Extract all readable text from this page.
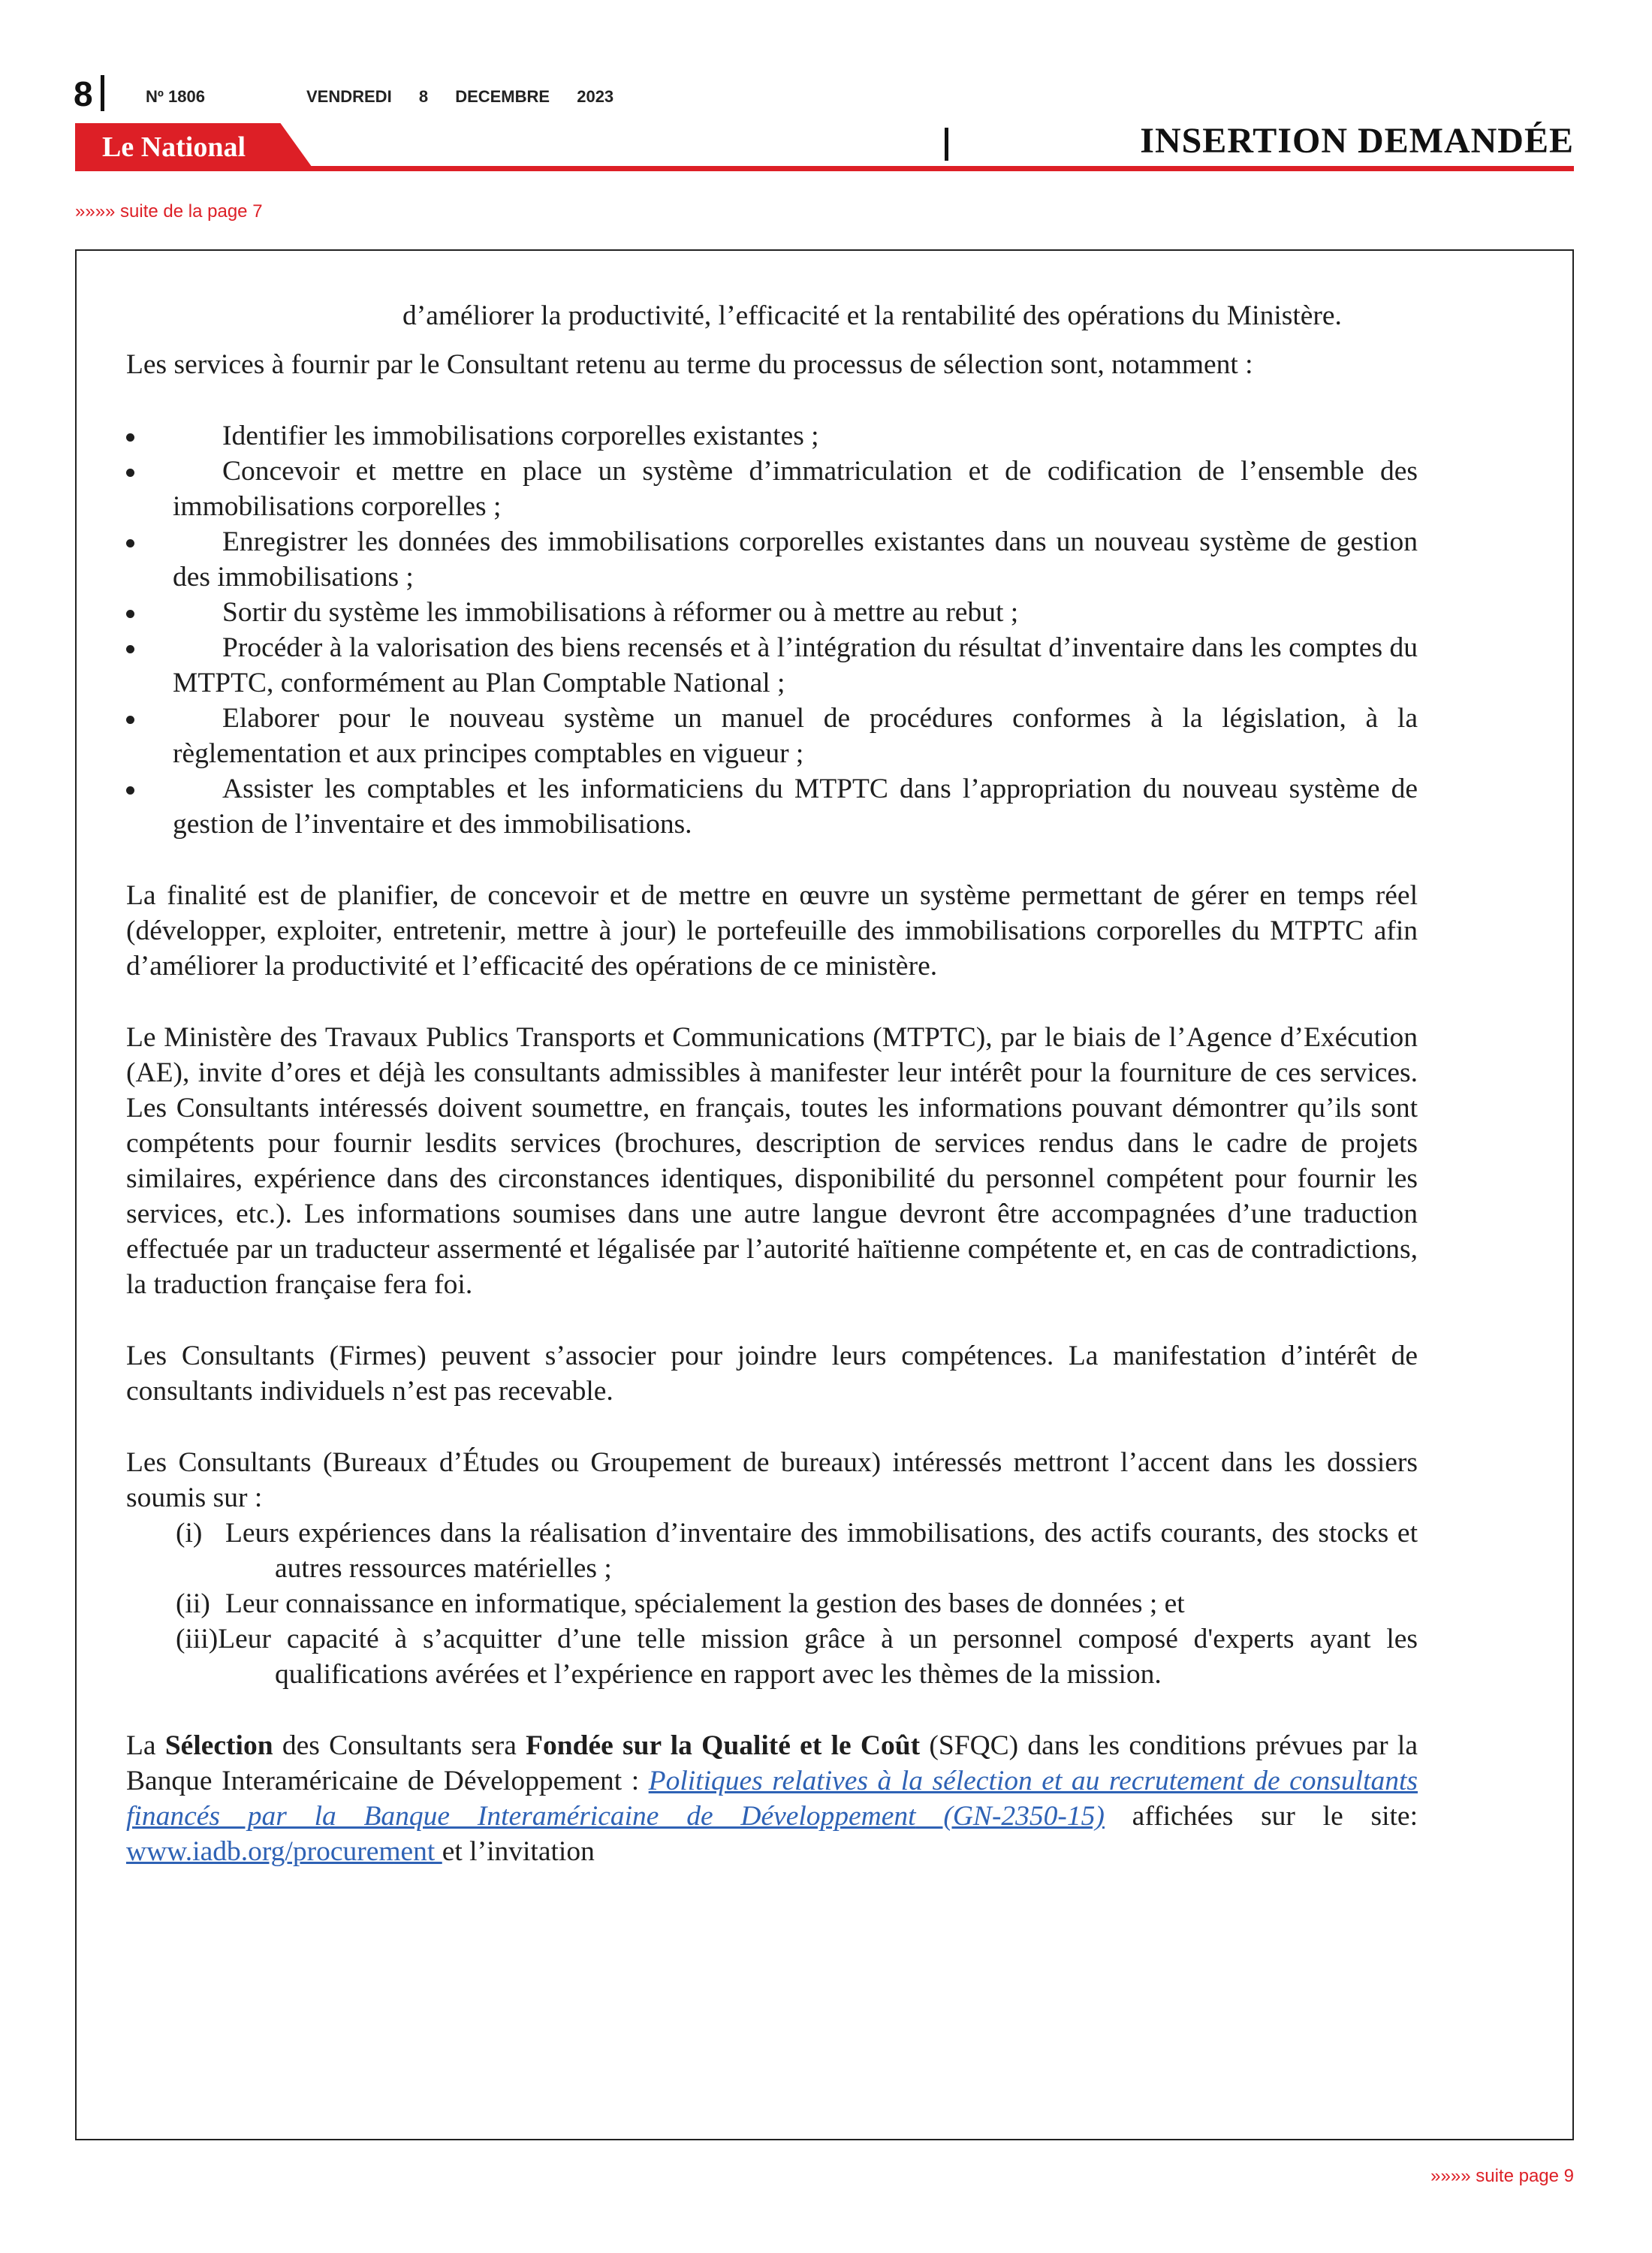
8	Nº 1806	VENDREDI 8 DECEMBRE 2023
Le National	INSERTION DEMANDÉE
»»»» suite de la page 7

d’améliorer la productivité, l’efficacité et la rentabilité des opérations du Ministère.

Les services à fournir par le Consultant retenu au terme du processus de sélection sont, notamment :

Identifier les immobilisations corporelles existantes ;
Concevoir et mettre en place un système d’immatriculation et de codification de l’ensemble des immobilisations corporelles ;
Enregistrer les données des immobilisations corporelles existantes dans un nouveau système de gestion des immobilisations ;
Sortir du système les immobilisations à réformer ou à mettre au rebut ;
Procéder à la valorisation des biens recensés et à l’intégration du résultat d’inventaire dans les comptes du MTPTC, conformément au Plan Comptable National ;
Elaborer pour le nouveau système un manuel de procédures conformes à la législation, à la règlementation et aux principes comptables en vigueur ;
Assister les comptables et les informaticiens du MTPTC dans l’appropriation du nouveau système de gestion de l’inventaire et des immobilisations.

La finalité est de planifier, de concevoir et de mettre en œuvre un système permettant de gérer en temps réel (développer, exploiter, entretenir, mettre à jour) le portefeuille des immobilisations corporelles du MTPTC afin d’améliorer la productivité et l’efficacité des opérations de ce ministère.

Le Ministère des Travaux Publics Transports et Communications (MTPTC), par le biais de l’Agence d’Exécution (AE), invite d’ores et déjà les consultants admissibles à manifester leur intérêt pour la fourniture de ces services. Les Consultants intéressés doivent soumettre, en français, toutes les informations pouvant démontrer qu’ils sont compétents pour fournir lesdits services (brochures, description de services rendus dans le cadre de projets similaires, expérience dans des circonstances identiques, disponibilité du personnel compétent pour fournir les services, etc.). Les informations soumises dans une autre langue devront être accompagnées d’une traduction effectuée par un traducteur assermenté et légalisée par l’autorité haïtienne compétente et, en cas de contradictions, la traduction française fera foi.

Les Consultants (Firmes) peuvent s’associer pour joindre leurs compétences. La manifestation d’intérêt de consultants individuels n’est pas recevable.

Les Consultants (Bureaux d’Études ou Groupement de bureaux) intéressés mettront l’accent dans les dossiers soumis sur :

(i) Leurs expériences dans la réalisation d’inventaire des immobilisations, des actifs courants, des stocks et autres ressources matérielles ;
(ii) Leur connaissance en informatique, spécialement la gestion des bases de données ; et
(iii)Leur capacité à s’acquitter d’une telle mission grâce à un personnel composé d'experts ayant les qualifications avérées et l’expérience en rapport avec les thèmes de la mission.

La Sélection des Consultants sera Fondée sur la Qualité et le Coût (SFQC) dans les conditions prévues par la Banque Interaméricaine de Développement : Politiques relatives à la sélection et au recrutement de consultants financés par la Banque Interaméricaine de Développement (GN-2350-15) affichées sur le site: www.iadb.org/procurement et l’invitation

»»»» suite page 9
